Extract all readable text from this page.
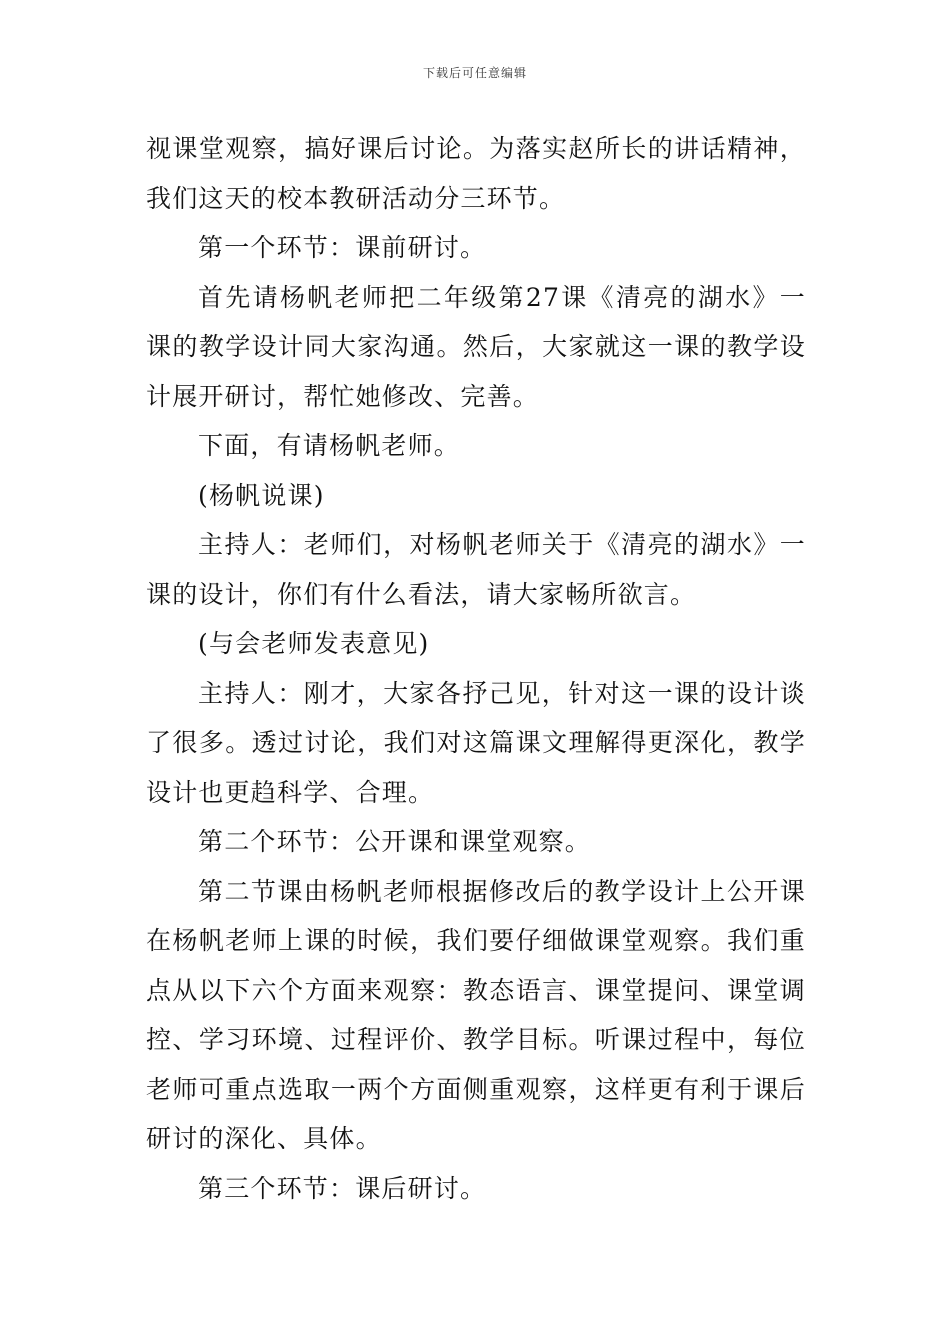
下载后可任意编辑

视课堂观察，搞好课后讨论。为落实赵所长的讲话精神，我们这天的校本教研活动分三环节。

第一个环节：课前研讨。

首先请杨帆老师把二年级第27课《清亮的湖水》一课的教学设计同大家沟通。然后，大家就这一课的教学设计展开研讨，帮忙她修改、完善。

下面，有请杨帆老师。

(杨帆说课)

主持人：老师们，对杨帆老师关于《清亮的湖水》一课的设计，你们有什么看法，请大家畅所欲言。

(与会老师发表意见)

主持人：刚才，大家各抒己见，针对这一课的设计谈了很多。透过讨论，我们对这篇课文理解得更深化，教学设计也更趋科学、合理。

第二个环节：公开课和课堂观察。

第二节课由杨帆老师根据修改后的教学设计上公开课在杨帆老师上课的时候，我们要仔细做课堂观察。我们重点从以下六个方面来观察：教态语言、课堂提问、课堂调控、学习环境、过程评价、教学目标。听课过程中，每位老师可重点选取一两个方面侧重观察，这样更有利于课后研讨的深化、具体。

第三个环节：课后研讨。
